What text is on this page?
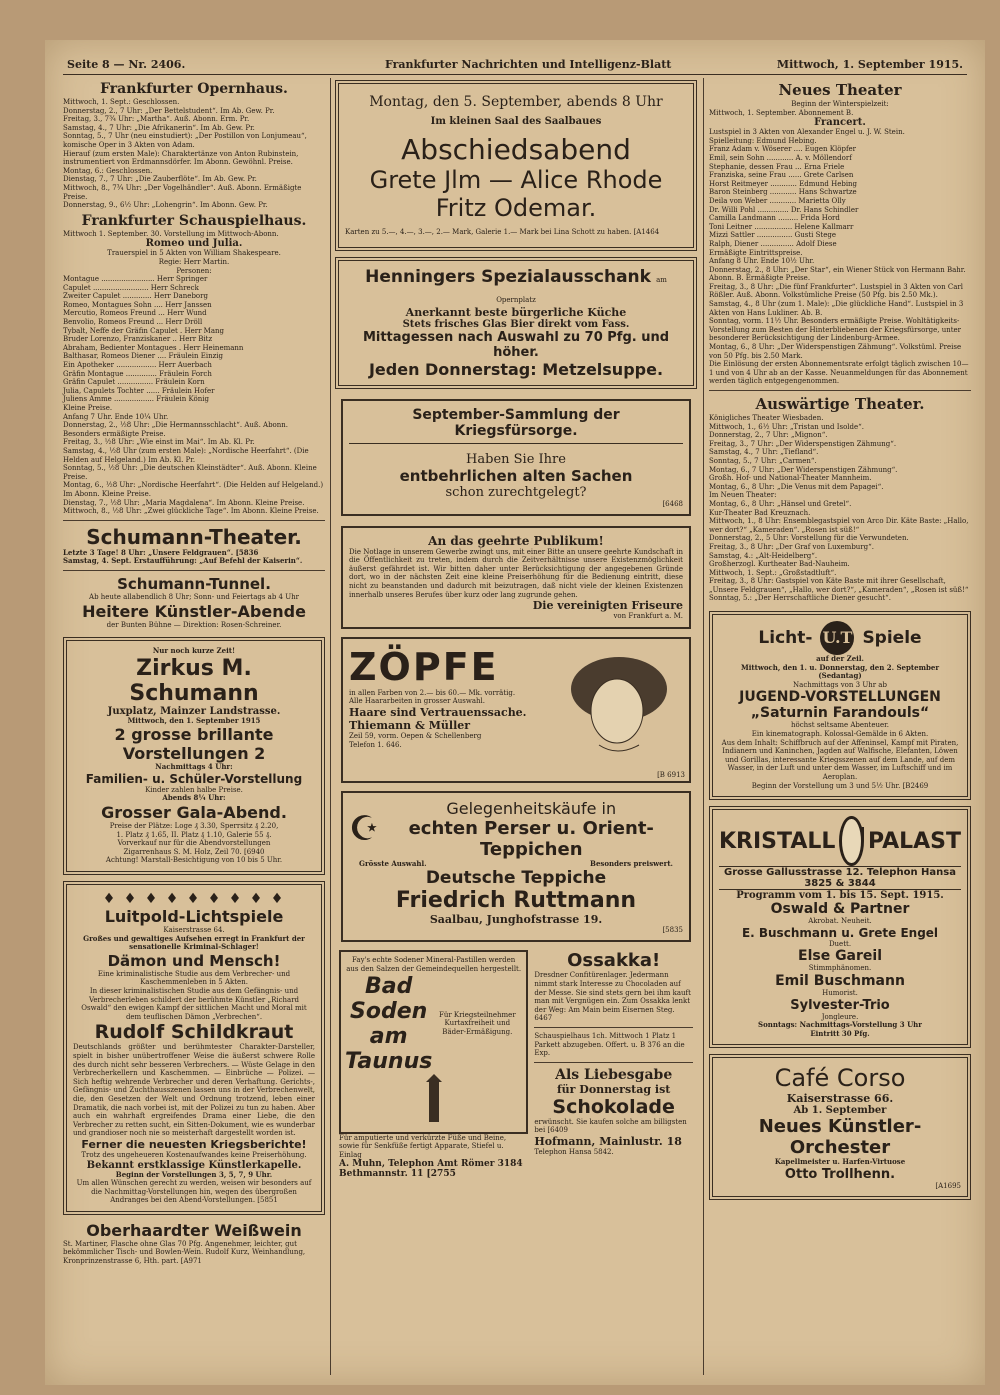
Seite 8 — Nr. 2406.	Frankfurter Nachrichten und Intelligenz-Blatt	Mittwoch, 1. September 1915.
Frankfurter Opernhaus.
Mittwoch, 1. Sept.: Geschlossen.
Donnerstag, 2., 7 Uhr: „Der Bettelstudent“. Im Ab. Gew. Pr.
Freitag, 3., 7¾ Uhr: „Martha“. Auß. Abonn. Erm. Pr.
Samstag, 4., 7 Uhr: „Die Afrikanerin“. Im Ab. Gew. Pr.
Sonntag, 5., 7 Uhr (neu einstudiert): „Der Postillon von Lonjumeau“, komische Oper in 3 Akten von Adam.
Hierauf (zum ersten Male): Charaktertänze von Anton Rubinstein, instrumentiert von Erdmannsdörfer. Im Abonn. Gewöhnl. Preise.
Montag, 6.: Geschlossen.
Dienstag, 7., 7 Uhr: „Die Zauberflöte“. Im Ab. Gew. Pr.
Mittwoch, 8., 7¾ Uhr: „Der Vogelhändler“. Auß. Abonn. Ermäßigte Preise.
Donnerstag, 9., 6½ Uhr: „Lohengrin“. Im Abonn. Gew. Pr.
Frankfurter Schauspielhaus.
Mittwoch 1. September. 30. Vorstellung im Mittwoch-Abonn.
Romeo und Julia.
Trauerspiel in 5 Akten von William Shakespeare.
Regie: Herr Martin.
Personen:
Montague ........................ Herr Springer
Capulet ......................... Herr Schreck
Zweiter Capulet ............. Herr Daneborg
Romeo, Montagues Sohn .... Herr Janssen
Mercutio, Romeos Freund ... Herr Wund
Benvolio, Romeos Freund ... Herr Dröll
Tybalt, Neffe der Gräfin Capulet . Herr Mang
Bruder Lorenzo, Franziskaner .. Herr Bitz
Abraham, Bedienter Montagues . Herr Heinemann
Balthasar, Romeos Diener .... Fräulein Einzig
Ein Apotheker .................. Herr Auerbach
Gräfin Montague .............. Fräulein Forch
Gräfin Capulet ................ Fräulein Korn
Julia, Capulets Tochter ...... Fräulein Hofer
Juliens Amme .................. Fräulein König
Kleine Preise.
Anfang 7 Uhr. Ende 10¼ Uhr.
Donnerstag, 2., ½8 Uhr: „Die Hermannsschlacht“. Auß. Abonn. Besonders ermäßigte Preise.
Freitag, 3., ½8 Uhr: „Wie einst im Mai“. Im Ab. Kl. Pr.
Samstag, 4., ½8 Uhr (zum ersten Male): „Nordische Heerfahrt“. (Die Helden auf Helgeland.) Im Ab. Kl. Pr.
Sonntag, 5., ½8 Uhr: „Die deutschen Kleinstädter“. Auß. Abonn. Kleine Preise.
Montag, 6., ½8 Uhr: „Nordische Heerfahrt“. (Die Helden auf Helgeland.) Im Abonn. Kleine Preise.
Dienstag, 7., ½8 Uhr: „Maria Magdalena“. Im Abonn. Kleine Preise.
Mittwoch, 8., ½8 Uhr: „Zwei glückliche Tage“. Im Abonn. Kleine Preise.
Schumann-Theater.
Letzte 3 Tage! 8 Uhr: „Unsere Feldgrauen“. [5836
Samstag, 4. Sept. Erstaufführung: „Auf Befehl der Kaiserin“.
Schumann-Tunnel.
Ab heute allabendlich 8 Uhr; Sonn- und Feiertags ab 4 Uhr
Heitere Künstler-Abende
der Bunten Bühne — Direktion: Rosen-Schreiner.
Nur noch kurze Zeit!
Zirkus M. Schumann
Juxplatz, Mainzer Landstrasse.
Mittwoch, den 1. September 1915
2 grosse brillante Vorstellungen 2
Nachmittags 4 Uhr:
Familien- u. Schüler-Vorstellung
Kinder zahlen halbe Preise.
Abends 8¼ Uhr:
Grosser Gala-Abend.
Preise der Plätze: Loge ₰ 3.30, Sperrsitz ₰ 2.20,
1. Platz ₰ 1.65, II. Platz ₰ 1.10, Galerie 55 ₰.
Vorverkauf nur für die Abendvorstellungen
Zigarrenhaus S. M. Holz, Zeil 70. [6940
Achtung! Marstall-Besichtigung von 10 bis 5 Uhr.
♦ ♦ ♦ ♦ ♦ ♦ ♦ ♦ ♦
Luitpold-Lichtspiele
Kaiserstrasse 64.
Großes und gewaltiges Aufsehen erregt in Frankfurt der sensationelle Kriminal-Schlager!
Dämon und Mensch!
Eine kriminalistische Studie aus dem Verbrecher- und Kaschemmenleben in 5 Akten.
In dieser kriminalistischen Studie aus dem Gefängnis- und Verbrecherleben schildert der berühmte Künstler „Richard Oswald“ den ewigen Kampf der sittlichen Macht und Moral mit dem teuflischen Dämon „Verbrechen“.
Rudolf Schildkraut
Deutschlands größter und berühmtester Charakter-Darsteller, spielt in bisher unübertroffener Weise die äußerst schwere Rolle des durch nicht sehr besseren Verbrechers. — Wüste Gelage in den Verbrecherkellern und Kaschemmen. — Einbrüche — Polizei. — Sich heftig wehrende Verbrecher und deren Verhaftung. Gerichts-, Gefängnis- und Zuchthausszenen lassen uns in der Verbrechenwelt, die, den Gesetzen der Welt und Ordnung trotzend, leben einer Dramatik, die nach vorbei ist, mit der Polizei zu tun zu haben. Aber auch ein wahrhaft ergreifendes Drama einer Liebe, die den Verbrecher zu retten sucht, ein Sitten-Dokument, wie es wunderbar und grandioser noch nie so meisterhaft dargestellt worden ist.
Ferner die neuesten Kriegsberichte!
Trotz des ungeheueren Kostenaufwandes keine Preiserhöhung.
Bekannt erstklassige Künstlerkapelle.
Beginn der Vorstellungen 3, 5, 7, 9 Uhr.
Um allen Wünschen gerecht zu werden, weisen wir besonders auf die Nachmittag-Vorstellungen hin, wegen des übergroßen Andranges bei den Abend-Vorstellungen. [5851
Oberhaardter Weißwein
St. Martiner, Flasche ohne Glas 70 Pfg. Angenehmer, leichter, gut bekömmlicher Tisch- und Bowlen-Wein. Rudolf Kurz, Weinhandlung, Kronprinzenstrasse 6, Hth. part. [A971
Montag, den 5. September, abends 8 Uhr
Im kleinen Saal des Saalbaues
Abschiedsabend
Grete Jlm — Alice Rhode
Fritz Odemar.
Karten zu 5.—, 4.—, 3.—, 2.— Mark, Galerie 1.— Mark bei Lina Schott zu haben. [A1464
Henningers Spezialausschank am Opernplatz
Anerkannt beste bürgerliche Küche
Stets frisches Glas Bier direkt vom Fass.
Mittagessen nach Auswahl zu 70 Pfg. und höher.
Jeden Donnerstag: Metzelsuppe.
September-Sammlung der Kriegsfürsorge.
Haben Sie Ihre
entbehrlichen alten Sachen
schon zurechtgelegt?
[6468
An das geehrte Publikum!
Die Notlage in unserem Gewerbe zwingt uns, mit einer Bitte an unsere geehrte Kundschaft in die Öffentlichkeit zu treten, indem durch die Zeitverhältnisse unsere Existenzmöglichkeit äußerst gefährdet ist. Wir bitten daher unter Berücksichtigung der angegebenen Gründe dort, wo in der nächsten Zeit eine kleine Preiserhöhung für die Bedienung eintritt, diese nicht zu beanstanden und dadurch mit beizutragen, daß nicht viele der kleinen Existenzen innerhalb unseres Berufes über kurz oder lang zugrunde gehen.
Die vereinigten Friseure
von Frankfurt a. M.
ZÖPFE
in allen Farben von 2.— bis 60.— Mk. vorrätig.
Alle Haararbeiten in grosser Auswahl.
Haare sind Vertrauenssache.
Thiemann & Müller
Zeil 59, vorm. Oepen & Schellenberg
Telefon 1. 646.
[B 6913
☪
Gelegenheitskäufe in
echten Perser u. Orient-Teppichen
Grösste Auswahl.	Besonders preiswert.
Deutsche Teppiche
Friedrich Ruttmann
Saalbau, Junghofstrasse 19.
[5835
Fay's echte Sodener Mineral-Pastillen werden aus den Salzen der Gemeindequellen hergestellt.
Bad Soden am Taunus
Für Kriegsteilnehmer Kurtaxfreiheit und Bäder-Ermäßigung.
Für amputierte und verkürzte Füße und Beine, sowie für Senkfüße fertigt Apparate, Stiefel u. Einlag
A. Muhn, Telephon Amt Römer 3184 Bethmannstr. 11 [2755
Ossakka!
Dresdner Confitürenlager. Jedermann nimmt stark Interesse zu Chocoladen auf der Messe. Sie sind stets gern bei ihm kauft man mit Vergnügen ein. Zum Ossakka lenkt der Weg: Am Main beim Eisernen Steg. 6467
Schauspielhaus 1ch. Mittwoch 1 Platz 1 Parkett abzugeben. Offert. u. B 376 an die Exp.
Als Liebesgabe
für Donnerstag ist
Schokolade
erwünscht. Sie kaufen solche am billigsten bei [6409
Hofmann, Mainlustr. 18
Telephon Hansa 5842.
Neues Theater
Beginn der Winterspielzeit:
Mittwoch, 1. September. Abonnement B.
Francert.
Lustspiel in 3 Akten von Alexander Engel u. J. W. Stein.
Spielleitung: Edmund Hebing.
Franz Adam v. Wöserer .... Eugen Klöpfer
Emil, sein Sohn ............ A. v. Möllendorf
Stephanie, dessen Frau ... Erna Friele
Franziska, seine Frau ...... Grete Carlsen
Horst Reitmeyer ............ Edmund Hebing
Baron Steinberg ............ Hans Schwartze
Deila von Weber ............ Marietta Olly
Dr. Willi Pohl .............. Dr. Hans Schindler
Camilla Landmann ......... Frida Hord
Toni Leitner ................. Helene Kallmarr
Mizzi Sattler ................ Gusti Stege
Ralph, Diener ............... Adolf Diese
Ermäßigte Eintrittspreise.
Anfang 8 Uhr. Ende 10½ Uhr.
Donnerstag, 2., 8 Uhr: „Der Star“, ein Wiener Stück von Hermann Bahr. Abonn. B. Ermäßigte Preise.
Freitag, 3., 8 Uhr: „Die fünf Frankfurter“. Lustspiel in 3 Akten von Carl Rößler. Auß. Abonn. Volkstümliche Preise (50 Pfg. bis 2.50 Mk.).
Samstag, 4., 8 Uhr (zum 1. Male): „Die glückliche Hand“. Lustspiel in 3 Akten von Hans Lukliner. Ab. B.
Sonntag, vorm. 11½ Uhr. Besonders ermäßigte Preise. Wohltätigkeits-Vorstellung zum Besten der Hinterbliebenen der Kriegsfürsorge, unter besonderer Berücksichtigung der Lindenburg-Armee.
Montag, 6., 8 Uhr: „Der Widerspenstigen Zähmung“. Volkstüml. Preise von 50 Pfg. bis 2.50 Mark.
Die Einlösung der ersten Abonnementsrate erfolgt täglich zwischen 10—1 und von 4 Uhr ab an der Kasse. Neuanmeldungen für das Abonnement werden täglich entgegengenommen.
Auswärtige Theater.
Königliches Theater Wiesbaden.
Mittwoch, 1., 6½ Uhr: „Tristan und Isolde“.
Donnerstag, 2., 7 Uhr: „Mignon“.
Freitag, 3., 7 Uhr: „Der Widerspenstigen Zähmung“.
Samstag, 4., 7 Uhr: „Tiefland“.
Sonntag, 5., 7 Uhr: „Carmen“.
Montag, 6., 7 Uhr: „Der Widerspenstigen Zähmung“.
Großh. Hof- und National-Theater Mannheim.
Montag, 6., 8 Uhr: „Die Venus mit dem Papagei“.
Im Neuen Theater:
Montag, 6., 8 Uhr: „Hänsel und Gretel“.
Kur-Theater Bad Kreuznach.
Mittwoch, 1., 8 Uhr: Ensemblegastspiel von Arco Dir. Käte Baste: „Hallo, wer dort?“ „Kameraden“. „Rosen ist süß!“
Donnerstag, 2., 5 Uhr: Vorstellung für die Verwundeten.
Freitag, 3., 8 Uhr: „Der Graf von Luxemburg“.
Samstag, 4.: „Alt-Heidelberg“.
Großherzogl. Kurtheater Bad-Nauheim.
Mittwoch, 1. Sept.: „Großstadtluft“.
Freitag, 3., 8 Uhr: Gastspiel von Käte Baste mit ihrer Gesellschaft, „Unsere Feldgrauen“, „Hallo, wer dort?“, „Kameraden“, „Rosen ist süß!“
Sonntag, 5.: „Der Herrschaftliche Diener gesucht“.
Licht- U.T Spiele
auf der Zeil.
Mittwoch, den 1. u. Donnerstag, den 2. September (Sedantag)
Nachmittags von 3 Uhr ab
JUGEND-VORSTELLUNGEN
„Saturnin Farandouls“
höchst seltsame Abenteuer.
Ein kinematograph. Kolossal-Gemälde in 6 Akten.
Aus dem Inhalt: Schiffbruch auf der Affeninsel, Kampf mit Piraten, Indianern und Kaninchen, Jagden auf Walfische, Elefanten, Löwen und Gorillas, interessante Kriegsszenen auf dem Lande, auf dem Wasser, in der Luft und unter dem Wasser, im Luftschiff und im Aeroplan.
Beginn der Vorstellung um 3 und 5½ Uhr. [B2469
KRISTALL PALAST
Grosse Gallusstrasse 12. Telephon Hansa 3825 & 3844
Programm vom 1. bis 15. Sept. 1915.
Oswald & Partner
Akrobat. Neuheit.
E. Buschmann u. Grete Engel
Duett.
Else Gareil
Stimmphänomen.
Emil Buschmann
Humorist.
Sylvester-Trio
Jongleure.
Sonntags: Nachmittags-Vorstellung 3 Uhr
Eintritt 30 Pfg.
Café Corso
Kaiserstrasse 66.
Ab 1. September
Neues Künstler-Orchester
Kapellmeister u. Harfen-Virtuose
Otto Trollhenn.
[A1695
